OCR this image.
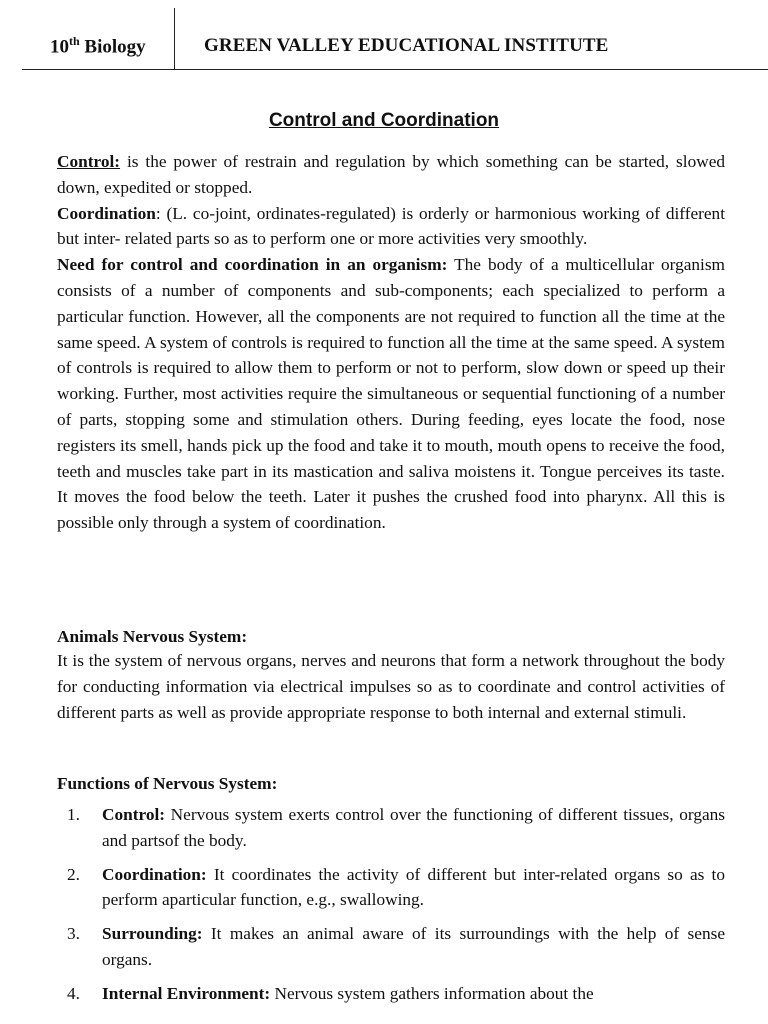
10th Biology	GREEN VALLEY EDUCATIONAL INSTITUTE
Control and Coordination
Control: is the power of restrain and regulation by which something can be started, slowed down, expedited or stopped.
Coordination: (L. co-joint, ordinates-regulated) is orderly or harmonious working of different but inter- related parts so as to perform one or more activities very smoothly.
Need for control and coordination in an organism: The body of a multicellular organism consists of a number of components and sub-components; each specialized to perform a particular function. However, all the components are not required to function all the time at the same speed. A system of controls is required to function all the time at the same speed. A system of controls is required to allow them to perform or not to perform, slow down or speed up their working. Further, most activities require the simultaneous or sequential functioning of a number of parts, stopping some and stimulation others. During feeding, eyes locate the food, nose registers its smell, hands pick up the food and take it to mouth, mouth opens to receive the food, teeth and muscles take part in its mastication and saliva moistens it. Tongue perceives its taste. It moves the food below the teeth. Later it pushes the crushed food into pharynx. All this is possible only through a system of coordination.
Animals Nervous System:
It is the system of nervous organs, nerves and neurons that form a network throughout the body for conducting information via electrical impulses so as to coordinate and control activities of different parts as well as provide appropriate response to both internal and external stimuli.
Functions of Nervous System:
1. Control: Nervous system exerts control over the functioning of different tissues, organs and partsof the body.
2. Coordination: It coordinates the activity of different but inter-related organs so as to perform aparticular function, e.g., swallowing.
3. Surrounding: It makes an animal aware of its surroundings with the help of sense organs.
4. Internal Environment: Nervous system gathers information about the
